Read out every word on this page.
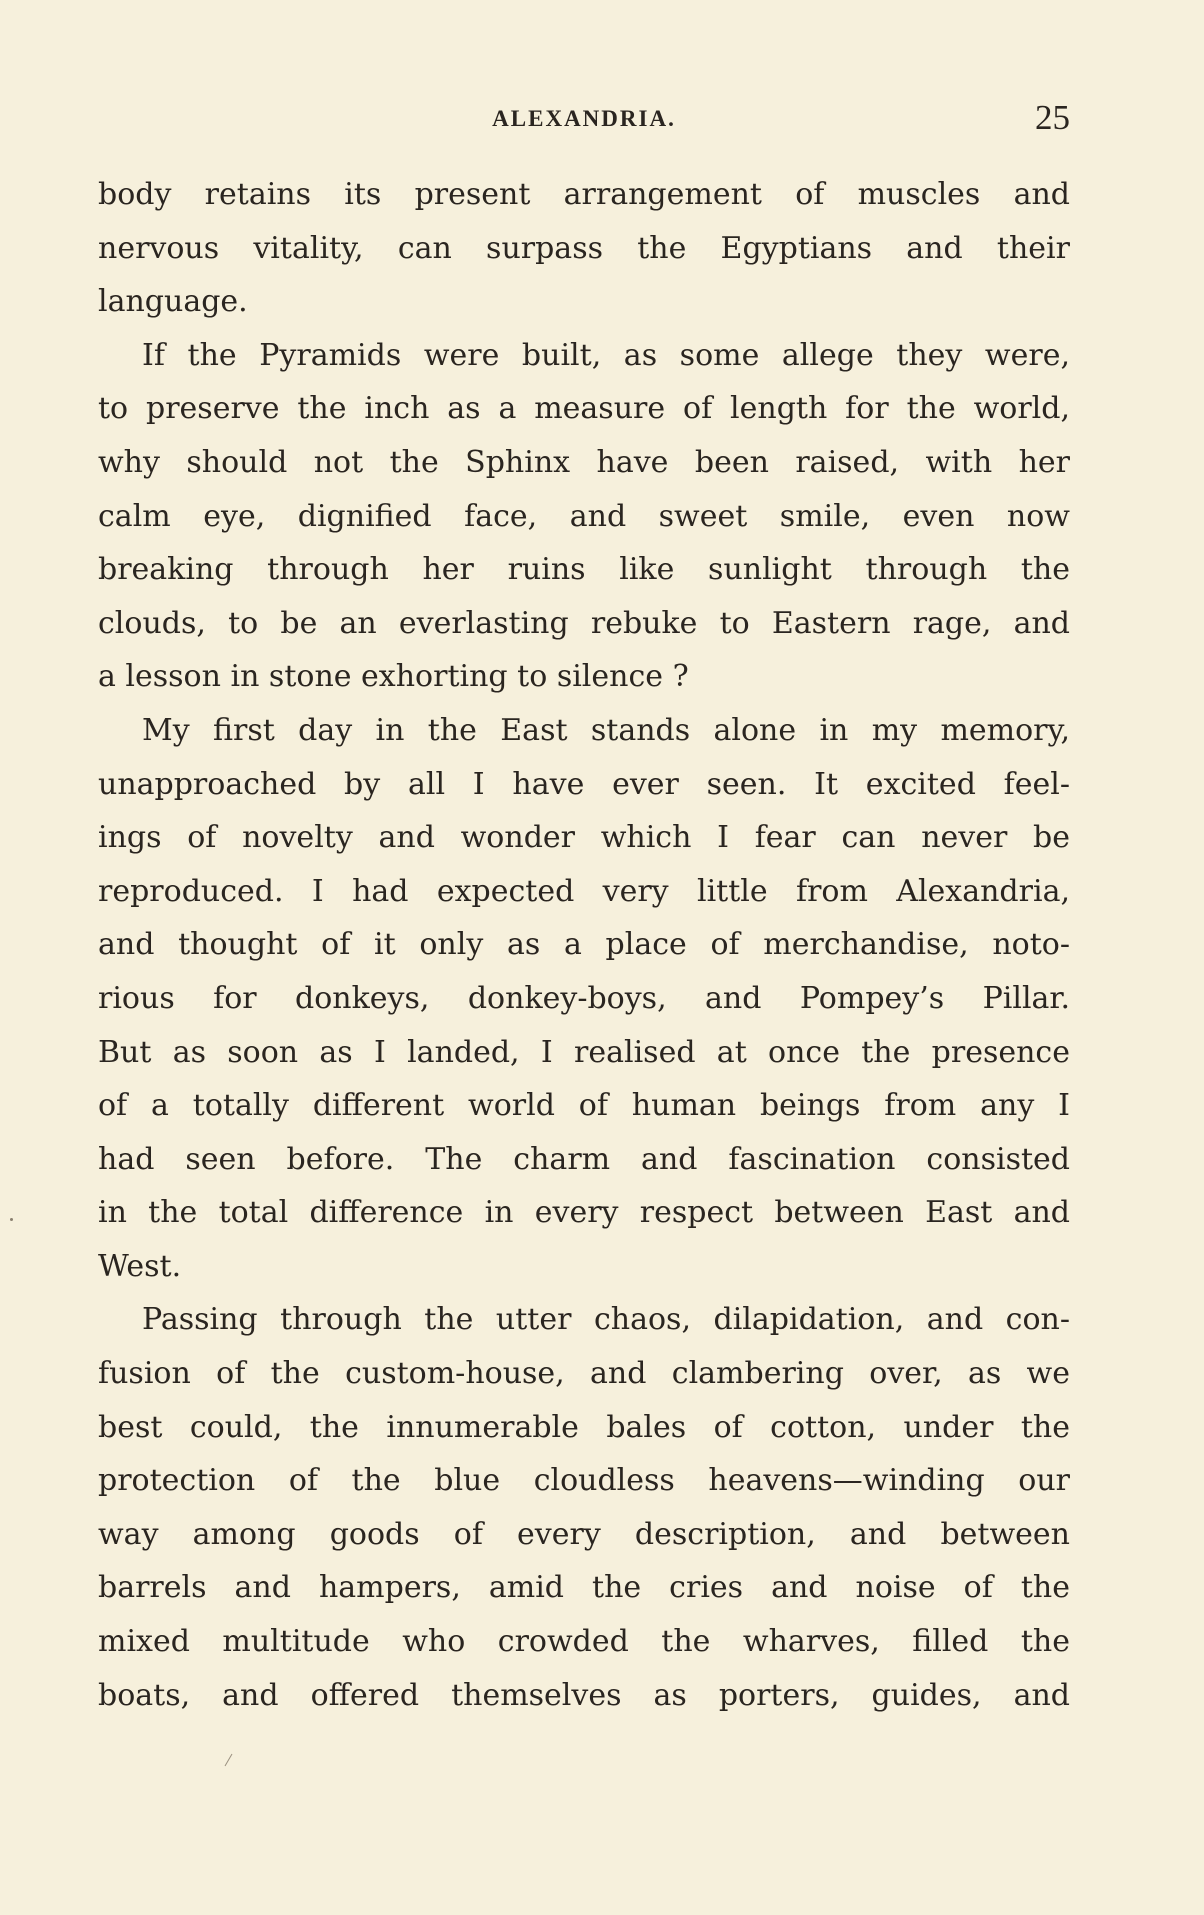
ALEXANDRIA.	25

body retains its present arrangement of muscles and
nervous vitality, can surpass the Egyptians and their
language.

If the Pyramids were built, as some allege they were,
to preserve the inch as a measure of length for the world,
why should not the Sphinx have been raised, with her
calm eye, dignified face, and sweet smile, even now
breaking through her ruins like sunlight through the
clouds, to be an everlasting rebuke to Eastern rage, and
a lesson in stone exhorting to silence ?

My first day in the East stands alone in my memory,
unapproached by all I have ever seen. It excited feel-
ings of novelty and wonder which I fear can never be
reproduced. I had expected very little from Alexandria,
and thought of it only as a place of merchandise, noto-
rious for donkeys, donkey-boys, and Pompey’s Pillar.
But as soon as I landed, I realised at once the presence
of a totally different world of human beings from any I
had seen before. The charm and fascination consisted
in the total difference in every respect between East and
West.

Passing through the utter chaos, dilapidation, and con-
fusion of the custom-house, and clambering over, as we
best could, the innumerable bales of cotton, under the
protection of the blue cloudless heavens—winding our
way among goods of every description, and between
barrels and hampers, amid the cries and noise of the
mixed multitude who crowded the wharves, filled the
boats, and offered themselves as porters, guides, and
